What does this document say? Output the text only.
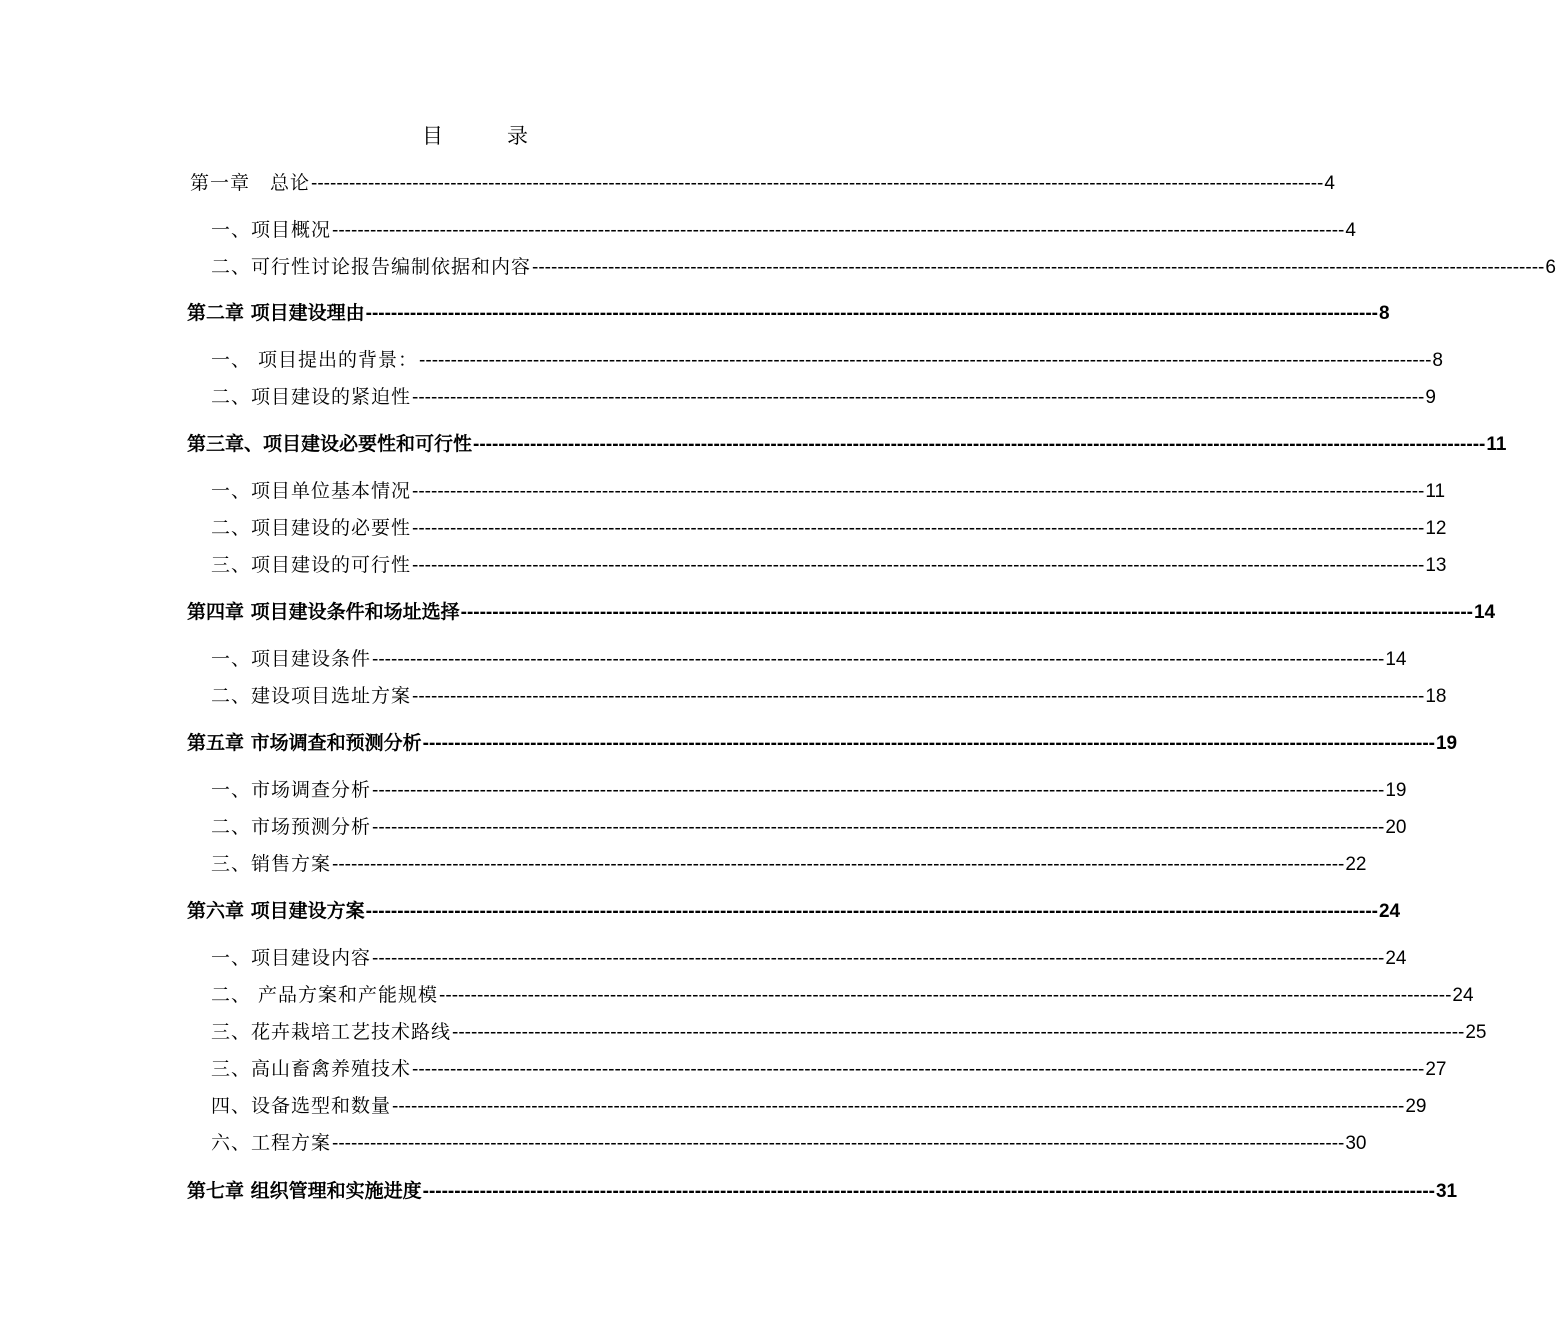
目	录
第一章　总论 ---------------------------------------------------------------------------------------------------------------------------------------------------------------- 4
一、项目概况 ---------------------------------------------------------------------------------------------------------------------------------------------------------------- 4
二、可行性讨论报告编制依据和内容 ---------------------------------------------------------------------------------------------------------------------------------------------------------------- 6
第二章 项目建设理由 ---------------------------------------------------------------------------------------------------------------------------------------------------------------- 8
一、 项目提出的背景： ---------------------------------------------------------------------------------------------------------------------------------------------------------------- 8
二、项目建设的紧迫性 ---------------------------------------------------------------------------------------------------------------------------------------------------------------- 9
第三章、项目建设必要性和可行性 ---------------------------------------------------------------------------------------------------------------------------------------------------------------- 11
一、项目单位基本情况 ---------------------------------------------------------------------------------------------------------------------------------------------------------------- 11
二、项目建设的必要性 ---------------------------------------------------------------------------------------------------------------------------------------------------------------- 12
三、项目建设的可行性 ---------------------------------------------------------------------------------------------------------------------------------------------------------------- 13
第四章 项目建设条件和场址选择 ---------------------------------------------------------------------------------------------------------------------------------------------------------------- 14
一、项目建设条件 ---------------------------------------------------------------------------------------------------------------------------------------------------------------- 14
二、建设项目选址方案 ---------------------------------------------------------------------------------------------------------------------------------------------------------------- 18
第五章 市场调查和预测分析 ---------------------------------------------------------------------------------------------------------------------------------------------------------------- 19
一、市场调查分析 ---------------------------------------------------------------------------------------------------------------------------------------------------------------- 19
二、市场预测分析 ---------------------------------------------------------------------------------------------------------------------------------------------------------------- 20
三、销售方案 ---------------------------------------------------------------------------------------------------------------------------------------------------------------- 22
第六章 项目建设方案 ---------------------------------------------------------------------------------------------------------------------------------------------------------------- 24
一、项目建设内容 ---------------------------------------------------------------------------------------------------------------------------------------------------------------- 24
二、 产品方案和产能规模 ---------------------------------------------------------------------------------------------------------------------------------------------------------------- 24
三、花卉栽培工艺技术路线 ---------------------------------------------------------------------------------------------------------------------------------------------------------------- 25
三、高山畜禽养殖技术 ---------------------------------------------------------------------------------------------------------------------------------------------------------------- 27
四、设备选型和数量 ---------------------------------------------------------------------------------------------------------------------------------------------------------------- 29
六、工程方案 ---------------------------------------------------------------------------------------------------------------------------------------------------------------- 30
第七章 组织管理和实施进度 ---------------------------------------------------------------------------------------------------------------------------------------------------------------- 31
